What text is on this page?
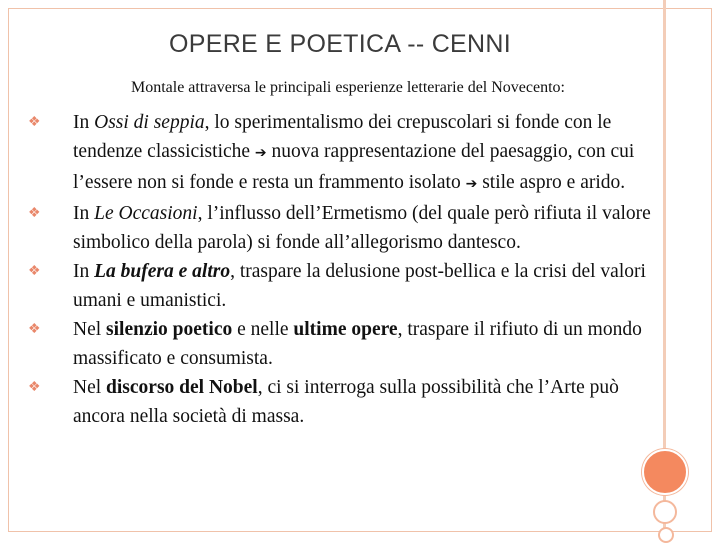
OPERE E POETICA -- CENNI
Montale attraversa le principali esperienze letterarie del Novecento:
❖ In Ossi di seppia, lo sperimentalismo dei crepuscolari si fonde con le tendenze classicistiche ➔ nuova rappresentazione del paesaggio, con cui l’essere non si fonde e resta un frammento isolato ➔ stile aspro e arido.
❖ In Le Occasioni, l’influsso dell’Ermetismo (del quale però rifiuta il valore simbolico della parola) si fonde all’allegorismo dantesco.
❖ In La bufera e altro, traspare la delusione post-bellica e la crisi del valori umani e umanistici.
❖ Nel silenzio poetico e nelle ultime opere, traspare il rifiuto di un mondo massificato e consumista.
❖ Nel discorso del Nobel, ci si interroga sulla possibilità che l’Arte può ancora nella società di massa.
